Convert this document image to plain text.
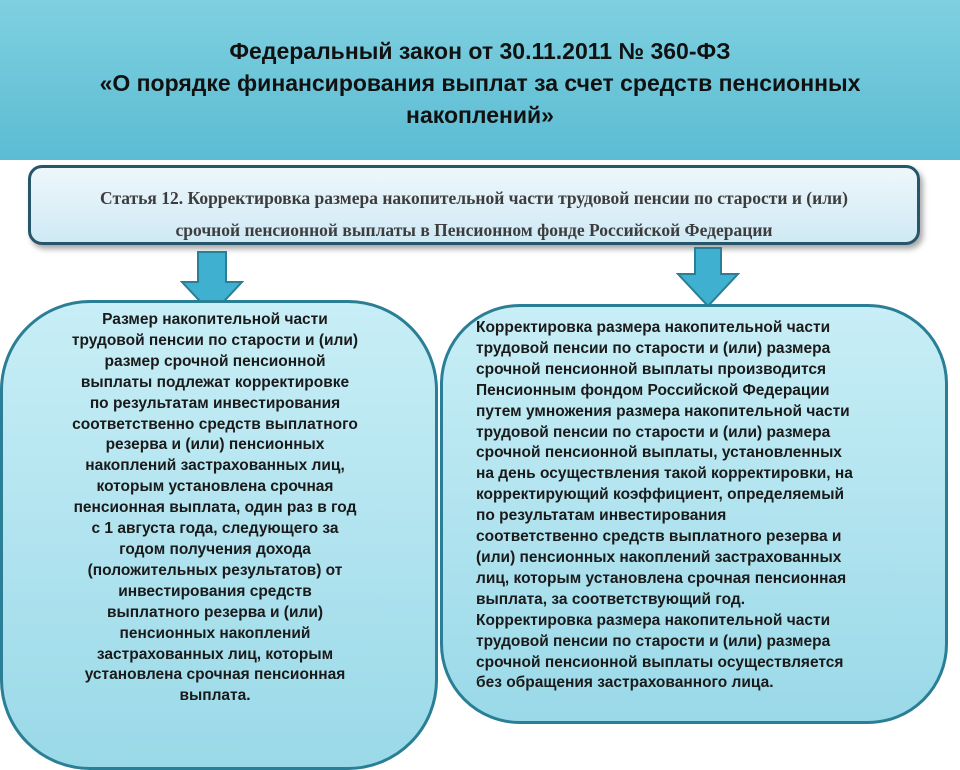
Федеральный закон от 30.11.2011 № 360-ФЗ
«О порядке финансирования выплат за счет средств пенсионных
накоплений»
Статья 12. Корректировка размера накопительной части трудовой пенсии по старости и (или)
срочной пенсионной выплаты в Пенсионном фонде Российской Федерации
Размер накопительной части
трудовой пенсии по старости и (или)
размер срочной пенсионной
выплаты подлежат корректировке
по результатам инвестирования
соответственно средств выплатного
резерва и (или) пенсионных
накоплений застрахованных лиц,
которым установлена срочная
пенсионная выплата, один раз в год
с 1 августа года, следующего за
годом получения дохода
(положительных результатов) от
инвестирования средств
выплатного резерва и (или)
пенсионных накоплений
застрахованных лиц, которым
установлена срочная пенсионная
выплата.
Корректировка размера накопительной части
трудовой пенсии по старости и (или) размера
срочной пенсионной выплаты производится
Пенсионным фондом Российской Федерации
путем умножения размера накопительной части
трудовой пенсии по старости и (или) размера
срочной пенсионной выплаты, установленных
на день осуществления такой корректировки, на
корректирующий коэффициент, определяемый
по результатам инвестирования
соответственно средств выплатного резерва и
(или) пенсионных накоплений застрахованных
лиц, которым установлена срочная пенсионная
выплата, за соответствующий год.
Корректировка размера накопительной части
трудовой пенсии по старости и (или) размера
срочной пенсионной выплаты осуществляется
без обращения застрахованного лица.
